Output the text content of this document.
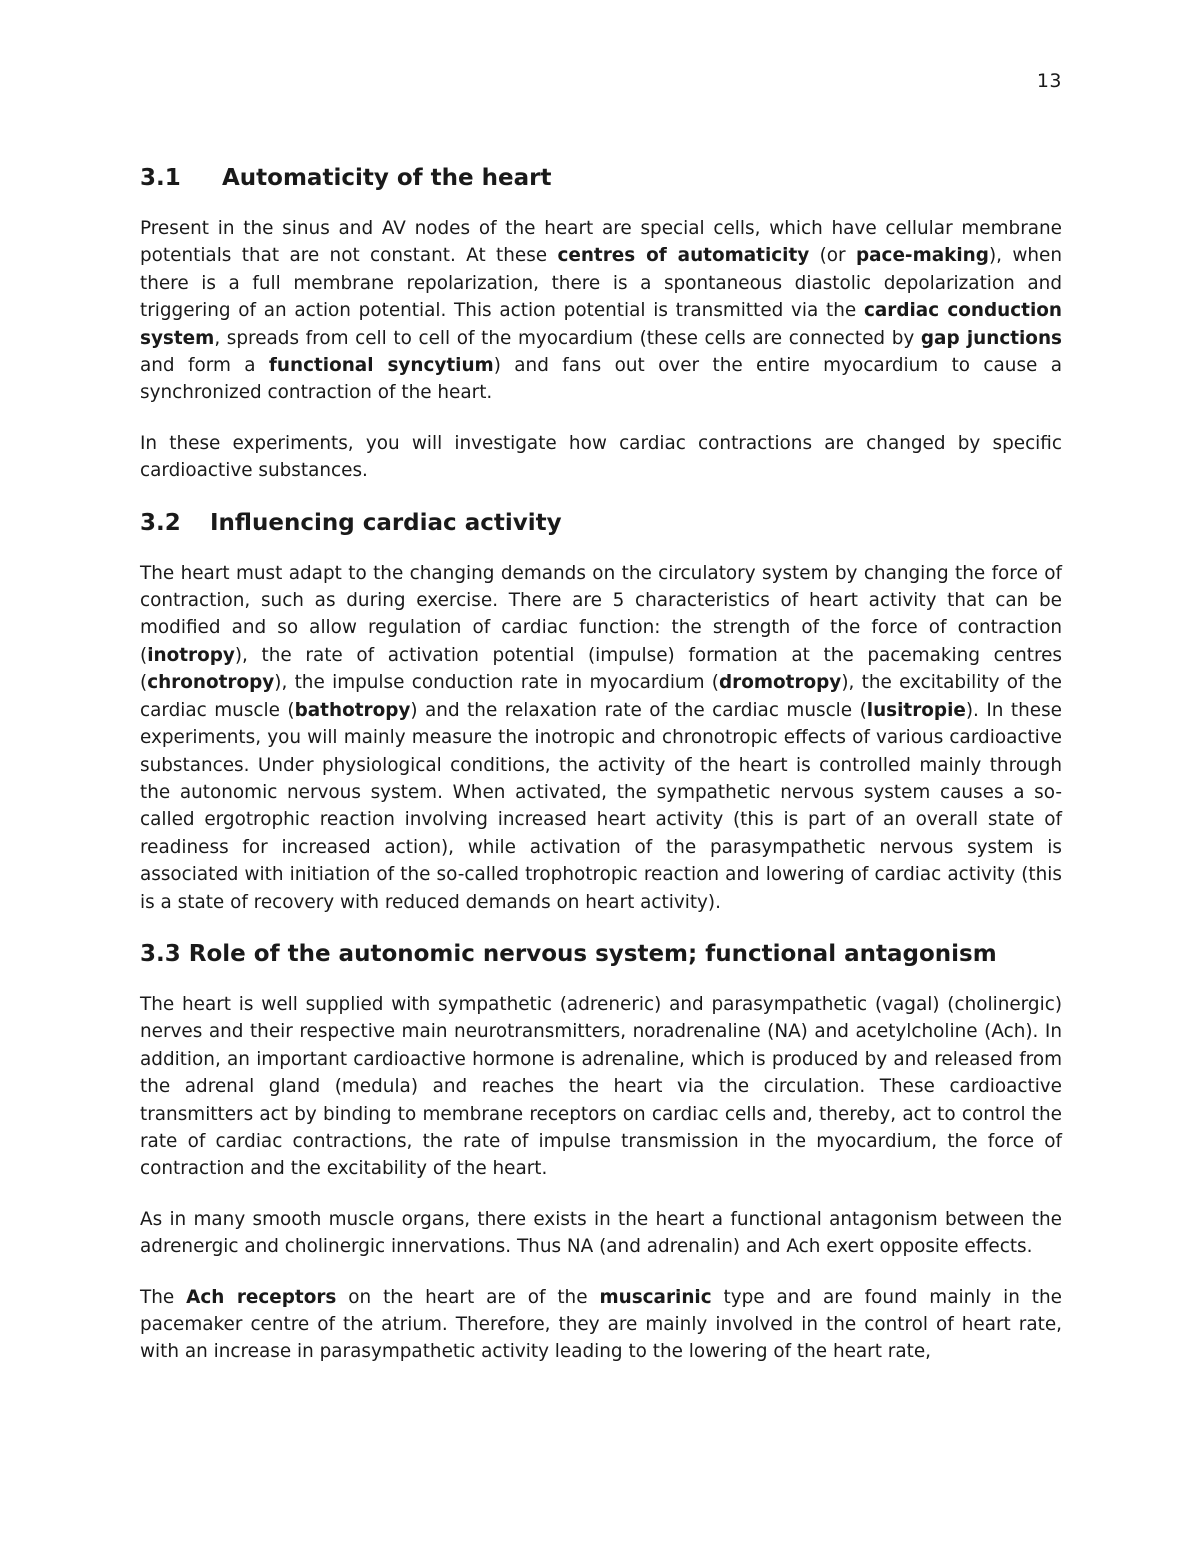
13
3.1 Automaticity of the heart

Present in the sinus and AV nodes of the heart are special cells, which have cellular membrane potentials that are not constant. At these centres of automaticity (or pace-making), when there is a full membrane repolarization, there is a spontaneous diastolic depolarization and triggering of an action potential. This action potential is transmitted via the cardiac conduction system, spreads from cell to cell of the myocardium (these cells are connected by gap junctions and form a functional syncytium) and fans out over the entire myocardium to cause a synchronized contraction of the heart.

In these experiments, you will investigate how cardiac contractions are changed by specific cardioactive substances.

3.2 Influencing cardiac activity

The heart must adapt to the changing demands on the circulatory system by changing the force of contraction, such as during exercise. There are 5 characteristics of heart activity that can be modified and so allow regulation of cardiac function: the strength of the force of contraction (inotropy), the rate of activation potential (impulse) formation at the pacemaking centres (chronotropy), the impulse conduction rate in myocardium (dromotropy), the excitability of the cardiac muscle (bathotropy) and the relaxation rate of the cardiac muscle (lusitropie). In these experiments, you will mainly measure the inotropic and chronotropic effects of various cardioactive substances. Under physiological conditions, the activity of the heart is controlled mainly through the autonomic nervous system. When activated, the sympathetic nervous system causes a so-called ergotrophic reaction involving increased heart activity (this is part of an overall state of readiness for increased action), while activation of the parasympathetic nervous system is associated with initiation of the so-called trophotropic reaction and lowering of cardiac activity (this is a state of recovery with reduced demands on heart activity).

3.3 Role of the autonomic nervous system; functional antagonism

The heart is well supplied with sympathetic (adreneric) and parasympathetic (vagal) (cholinergic) nerves and their respective main neurotransmitters, noradrenaline (NA) and acetylcholine (Ach). In addition, an important cardioactive hormone is adrenaline, which is produced by and released from the adrenal gland (medula) and reaches the heart via the circulation. These cardioactive transmitters act by binding to membrane receptors on cardiac cells and, thereby, act to control the rate of cardiac contractions, the rate of impulse transmission in the myocardium, the force of contraction and the excitability of the heart.

As in many smooth muscle organs, there exists in the heart a functional antagonism between the adrenergic and cholinergic innervations. Thus NA (and adrenalin) and Ach exert opposite effects.

The Ach receptors on the heart are of the muscarinic type and are found mainly in the pacemaker centre of the atrium. Therefore, they are mainly involved in the control of heart rate, with an increase in parasympathetic activity leading to the lowering of the heart rate,
